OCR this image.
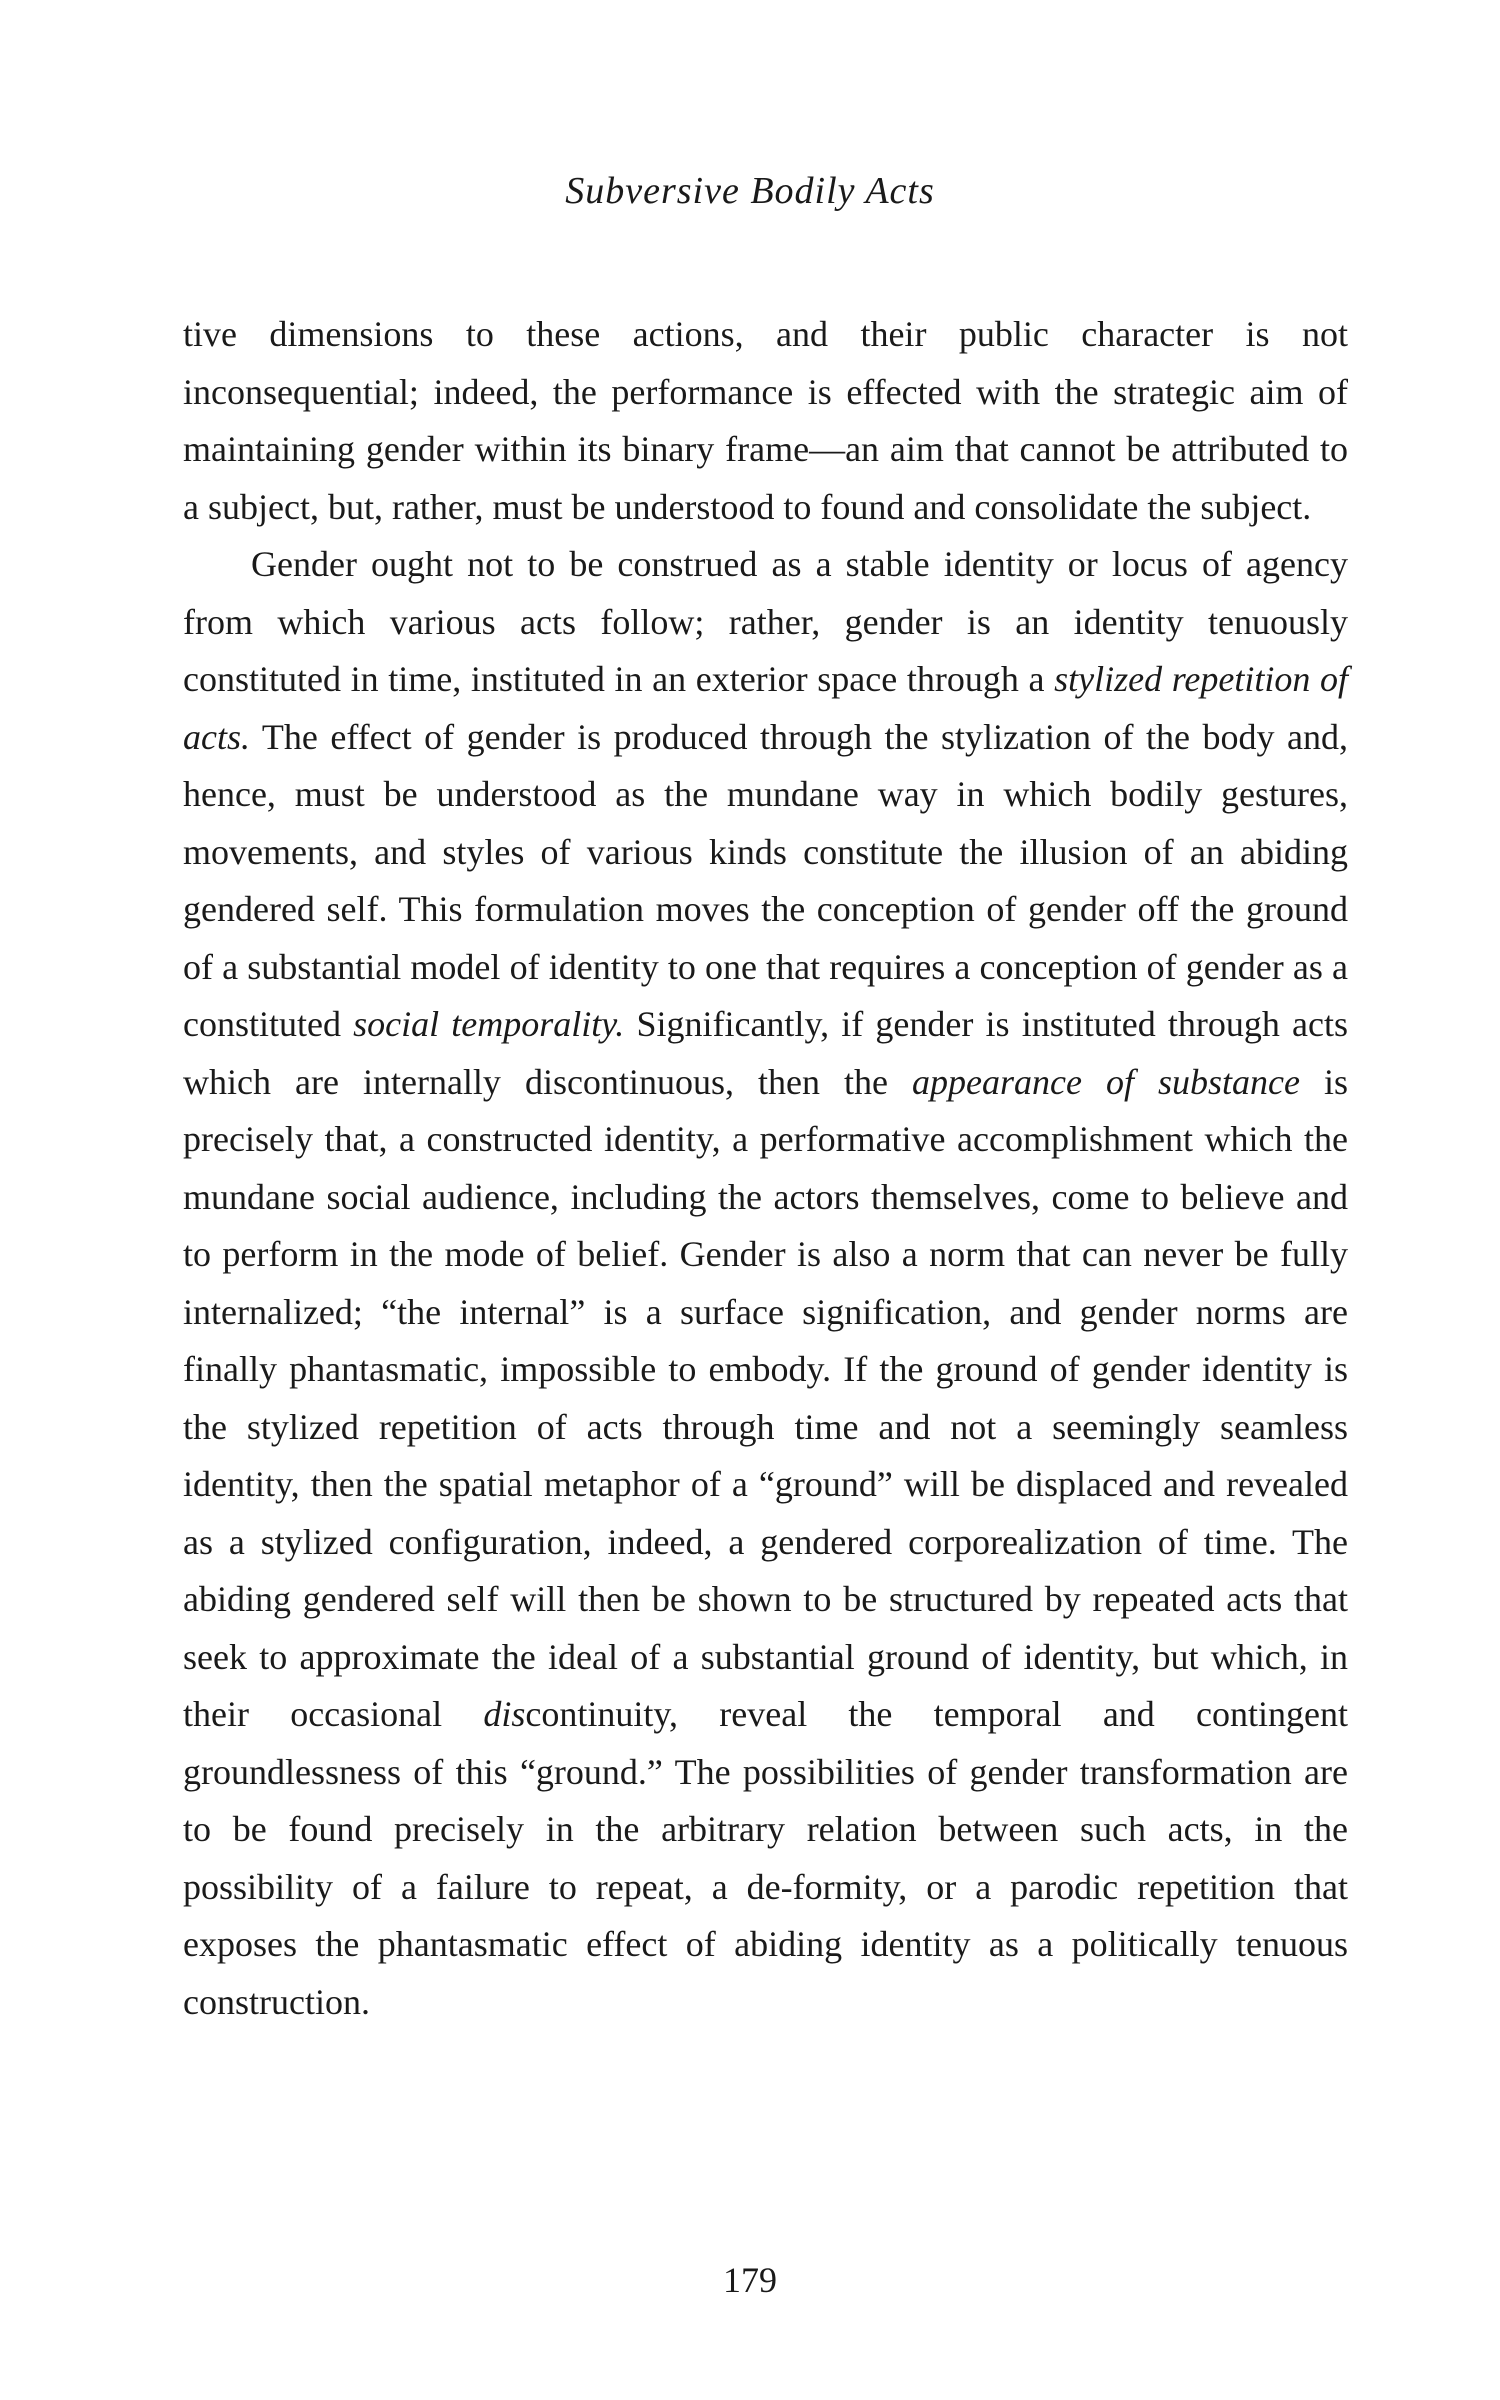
Subversive Bodily Acts

tive dimensions to these actions, and their public character is not inconsequential; indeed, the performance is effected with the strategic aim of maintaining gender within its binary frame—an aim that cannot be attributed to a subject, but, rather, must be understood to found and consolidate the subject.

Gender ought not to be construed as a stable identity or locus of agency from which various acts follow; rather, gender is an identity tenuously constituted in time, instituted in an exterior space through a stylized repetition of acts. The effect of gender is produced through the stylization of the body and, hence, must be understood as the mundane way in which bodily gestures, movements, and styles of various kinds constitute the illusion of an abiding gendered self. This formulation moves the conception of gender off the ground of a substantial model of identity to one that requires a conception of gender as a constituted social temporality. Significantly, if gender is instituted through acts which are internally discontinuous, then the appearance of substance is precisely that, a constructed identity, a performative accomplishment which the mundane social audience, including the actors themselves, come to believe and to perform in the mode of belief. Gender is also a norm that can never be fully internalized; “the internal” is a surface signification, and gender norms are finally phantasmatic, impossible to embody. If the ground of gender identity is the stylized repetition of acts through time and not a seemingly seamless identity, then the spatial metaphor of a “ground” will be displaced and revealed as a stylized configuration, indeed, a gendered corporealization of time. The abiding gendered self will then be shown to be structured by repeated acts that seek to approximate the ideal of a substantial ground of identity, but which, in their occasional discontinuity, reveal the temporal and contingent groundlessness of this “ground.” The possibilities of gender transformation are to be found precisely in the arbitrary relation between such acts, in the possibility of a failure to repeat, a de-formity, or a parodic repetition that exposes the phantasmatic effect of abiding identity as a politically tenuous construction.

179
